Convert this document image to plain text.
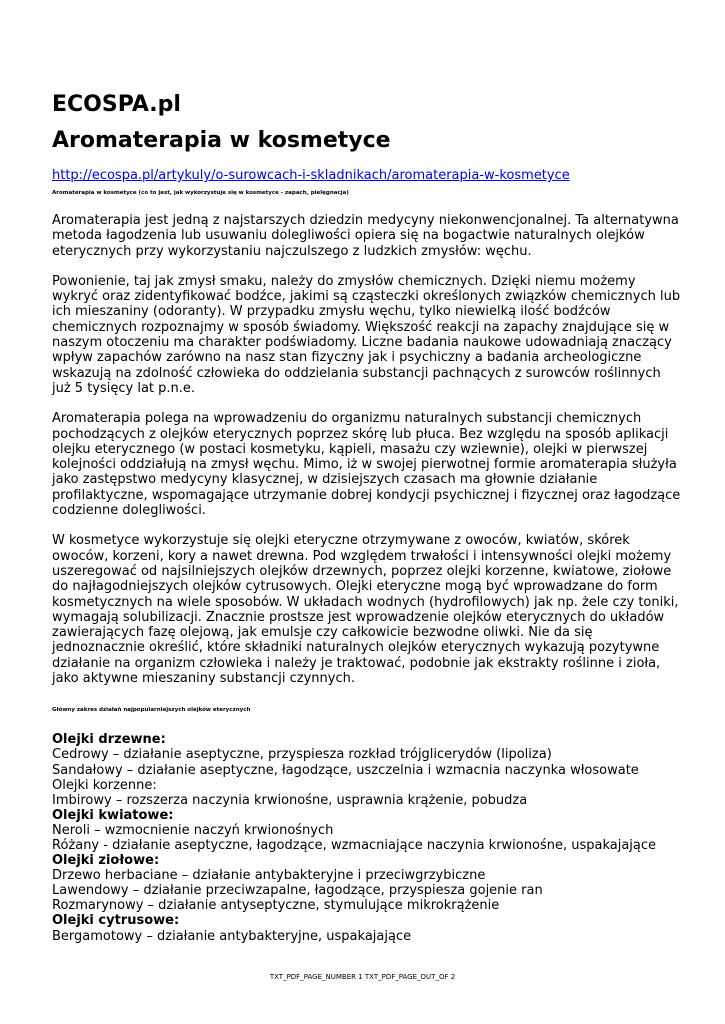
ECOSPA.pl
Aromaterapia w kosmetyce
http://ecospa.pl/artykuly/o-surowcach-i-skladnikach/aromaterapia-w-kosmetyce
Aromaterapia w kosmetyce (co to jest, jak wykorzystuje się w kosmetyce - zapach, pielęgnacja)

Aromaterapia jest jedną z najstarszych dziedzin medycyny niekonwencjonalnej. Ta alternatywna metoda łagodzenia lub usuwaniu dolegliwości opiera się na bogactwie naturalnych olejków eterycznych przy wykorzystaniu najczulszego z ludzkich zmysłów: węchu.

Powonienie, taj jak zmysł smaku, należy do zmysłów chemicznych. Dzięki niemu możemy wykryć oraz zidentyfikować bodźce, jakimi są cząsteczki określonych związków chemicznych lub ich mieszaniny (odoranty). W przypadku zmysłu węchu, tylko niewielką ilość bodźców chemicznych rozpoznajmy w sposób świadomy. Większość reakcji na zapachy znajdujące się w naszym otoczeniu ma charakter podświadomy. Liczne badania naukowe udowadniają znaczący wpływ zapachów zarówno na nasz stan fizyczny jak i psychiczny a badania archeologiczne wskazują na zdolność człowieka do oddzielania substancji pachnących z surowców roślinnych już 5 tysięcy lat p.n.e.

Aromaterapia polega na wprowadzeniu do organizmu naturalnych substancji chemicznych pochodzących z olejków eterycznych poprzez skórę lub płuca. Bez względu na sposób aplikacji olejku eterycznego (w postaci kosmetyku, kąpieli, masażu czy wziewnie), olejki w pierwszej kolejności oddziałują na zmysł węchu. Mimo, iż w swojej pierwotnej formie aromaterapia służyła jako zastępstwo medycyny klasycznej, w dzisiejszych czasach ma głownie działanie profilaktyczne, wspomagające utrzymanie dobrej kondycji psychicznej i fizycznej oraz łagodzące codzienne dolegliwości.

W kosmetyce wykorzystuje się olejki eteryczne otrzymywane z owoców, kwiatów, skórek owoców, korzeni, kory a nawet drewna. Pod względem trwałości i intensywności olejki możemy uszeregować od najsilniejszych olejków drzewnych, poprzez olejki korzenne, kwiatowe, ziołowe do najłagodniejszych olejków cytrusowych. Olejki eteryczne mogą być wprowadzane do form kosmetycznych na wiele sposobów. W układach wodnych (hydrofilowych) jak np. żele czy toniki, wymagają solubilizacji. Znacznie prostsze jest wprowadzenie olejków eterycznych do układów zawierających fazę olejową, jak emulsje czy całkowicie bezwodne oliwki. Nie da się jednoznacznie określić, które składniki naturalnych olejków eterycznych wykazują pozytywne działanie na organizm człowieka i należy je traktować, podobnie jak ekstrakty roślinne i zioła, jako aktywne mieszaniny substancji czynnych.

Główny zakres działań najpopularniejszych olejków eterycznych
Olejki drzewne:
Cedrowy – działanie aseptyczne, przyspiesza rozkład trójglicerydów (lipoliza)
Sandałowy – działanie aseptyczne, łagodzące, uszczelnia i wzmacnia naczynka włosowate
Olejki korzenne:
Imbirowy – rozszerza naczynia krwionośne, usprawnia krążenie, pobudza
Olejki kwiatowe:
Neroli – wzmocnienie naczyń krwionośnych
Różany - działanie aseptyczne, łagodzące, wzmacniające naczynia krwionośne, uspakajające
Olejki ziołowe:
Drzewo herbaciane – działanie antybakteryjne i przeciwgrzybiczne
Lawendowy – działanie przeciwzapalne, łagodzące, przyspiesza gojenie ran
Rozmarynowy – działanie antyseptyczne, stymulujące mikrokrążenie
Olejki cytrusowe:
Bergamotowy – działanie antybakteryjne, uspakajające
TXT_PDF_PAGE_NUMBER 1 TXT_PDF_PAGE_OUT_OF 2
